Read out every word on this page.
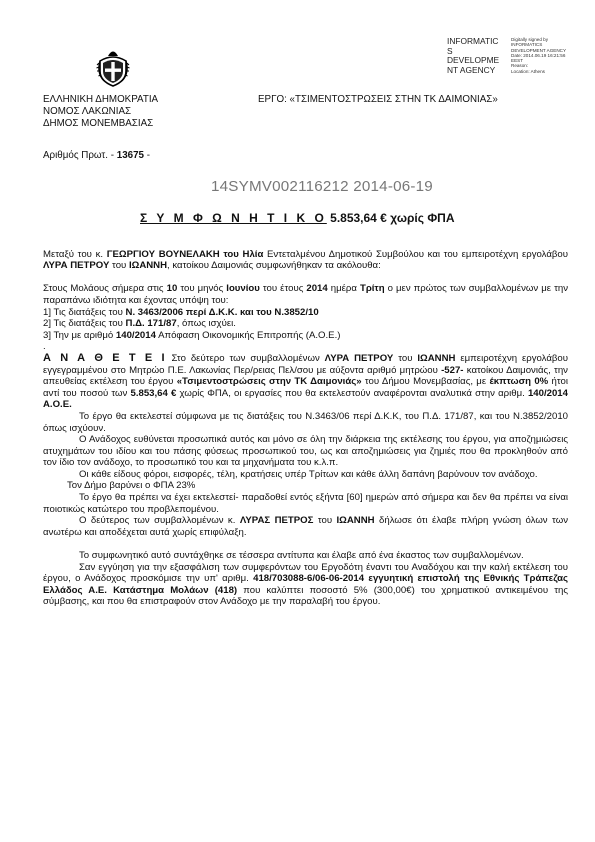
INFORMATIC
S
DEVELOPME
NT AGENCY
Digitally signed by
INFORMATICS
DEVELOPMENT AGENCY
Date: 2014.06.19 16:21:56
EEST
Reason:
Location: Athens
ΕΛΛΗΝΙΚΗ ΔΗΜΟΚΡΑΤΙΑ
ΝΟΜΟΣ ΛΑΚΩΝΙΑΣ
ΔΗΜΟΣ ΜΟΝΕΜΒΑΣΙΑΣ
ΕΡΓΟ: «ΤΣΙΜΕΝΤΟΣΤΡΩΣΕΙΣ ΣΤΗΝ ΤΚ ΔΑΙΜΟΝΙΑΣ»
Αριθμός Πρωτ. - 13675 -
14SYMV002116212 2014-06-19
Σ Υ Μ Φ Ω Ν Η Τ Ι Κ Ο 5.853,64 € χωρίς ΦΠΑ

Μεταξύ του κ. ΓΕΩΡΓΙΟΥ ΒΟΥΝΕΛΑΚΗ του Ηλία Εντεταλμένου Δημοτικού Συμβούλου και του εμπειροτέχνη εργολάβου ΛΥΡΑ ΠΕΤΡΟΥ του ΙΩΑΝΝΗ, κατοίκου Δαιμονιάς συμφωνήθηκαν τα ακόλουθα:

Στους Μολάους σήμερα στις 10 του μηνός Ιουνίου του έτους 2014 ημέρα Τρίτη ο μεν πρώτος των συμβαλλομένων με την παραπάνω ιδιότητα και έχοντας υπόψη του:

1] Τις διατάξεις του Ν. 3463/2006 περί Δ.Κ.Κ. και του Ν.3852/10

2] Τις διατάξεις του Π.Δ. 171/87, όπως ισχύει.

3] Την με αριθμό 140/2014 Απόφαση Οικονομικής Επιτροπής (Α.Ο.Ε.)

.

Α Ν Α Θ Ε Τ Ε Ι Στο δεύτερο των συμβαλλομένων ΛΥΡΑ ΠΕΤΡΟΥ του ΙΩΑΝΝΗ εμπειροτέχνη εργολάβου εγγεγραμμένου στο Μητρώο Π.Ε. Λακωνίας Περ/ρειας Πελ/σου με αύξοντα αριθμό μητρώου -527- κατοίκου Δαιμονιάς, την απευθείας εκτέλεση του έργου «Τσιμεντοστρώσεις στην ΤΚ Δαιμονιάς» του Δήμου Μονεμβασίας, με έκπτωση 0% ήτοι αντί του ποσού των 5.853,64 € χωρίς ΦΠΑ, οι εργασίες που θα εκτελεστούν αναφέρονται αναλυτικά στην αριθμ. 140/2014 Α.Ο.Ε.

Το έργο θα εκτελεστεί σύμφωνα με τις διατάξεις του Ν.3463/06 περί Δ.Κ.Κ, του Π.Δ. 171/87, και του Ν.3852/2010 όπως ισχύουν.

Ο Ανάδοχος ευθύνεται προσωπικά αυτός και μόνο σε όλη την διάρκεια της εκτέλεσης του έργου, για αποζημιώσεις ατυχημάτων του ιδίου και του πάσης φύσεως προσωπικού του, ως και αποζημιώσεις για ζημιές που θα προκληθούν από τον ίδιο τον ανάδοχο, το προσωπικό του και τα μηχανήματα του κ.λ.π.

Οι κάθε είδους φόροι, εισφορές, τέλη, κρατήσεις υπέρ Τρίτων και κάθε άλλη δαπάνη βαρύνουν τον ανάδοχο.

Τον Δήμο βαρύνει ο ΦΠΑ 23%

Το έργο θα πρέπει να έχει εκτελεστεί- παραδοθεί εντός εξήντα [60] ημερών από σήμερα και δεν θα πρέπει να είναι ποιοτικώς κατώτερο του προβλεπομένου.

Ο δεύτερος των συμβαλλομένων κ. ΛΥΡΑΣ ΠΕΤΡΟΣ του ΙΩΑΝΝΗ δήλωσε ότι έλαβε πλήρη γνώση όλων των ανωτέρω και αποδέχεται αυτά χωρίς επιφύλαξη.

Το συμφωνητικό αυτό συντάχθηκε σε τέσσερα αντίτυπα και έλαβε από ένα έκαστος των συμβαλλομένων.

Σαν εγγύηση για την εξασφάλιση των συμφερόντων του Εργοδότη έναντι του Αναδόχου και την καλή εκτέλεση του έργου, ο Ανάδοχος προσκόμισε την υπ' αριθμ. 418/703088-6/06-06-2014 εγγυητική επιστολή της Εθνικής Τράπεζας Ελλάδος Α.Ε. Κατάστημα Μολάων (418) που καλύπτει ποσοστό 5% (300,00€) του χρηματικού αντικειμένου της σύμβασης, και που θα επιστραφούν στον Ανάδοχο με την παραλαβή του έργου.
